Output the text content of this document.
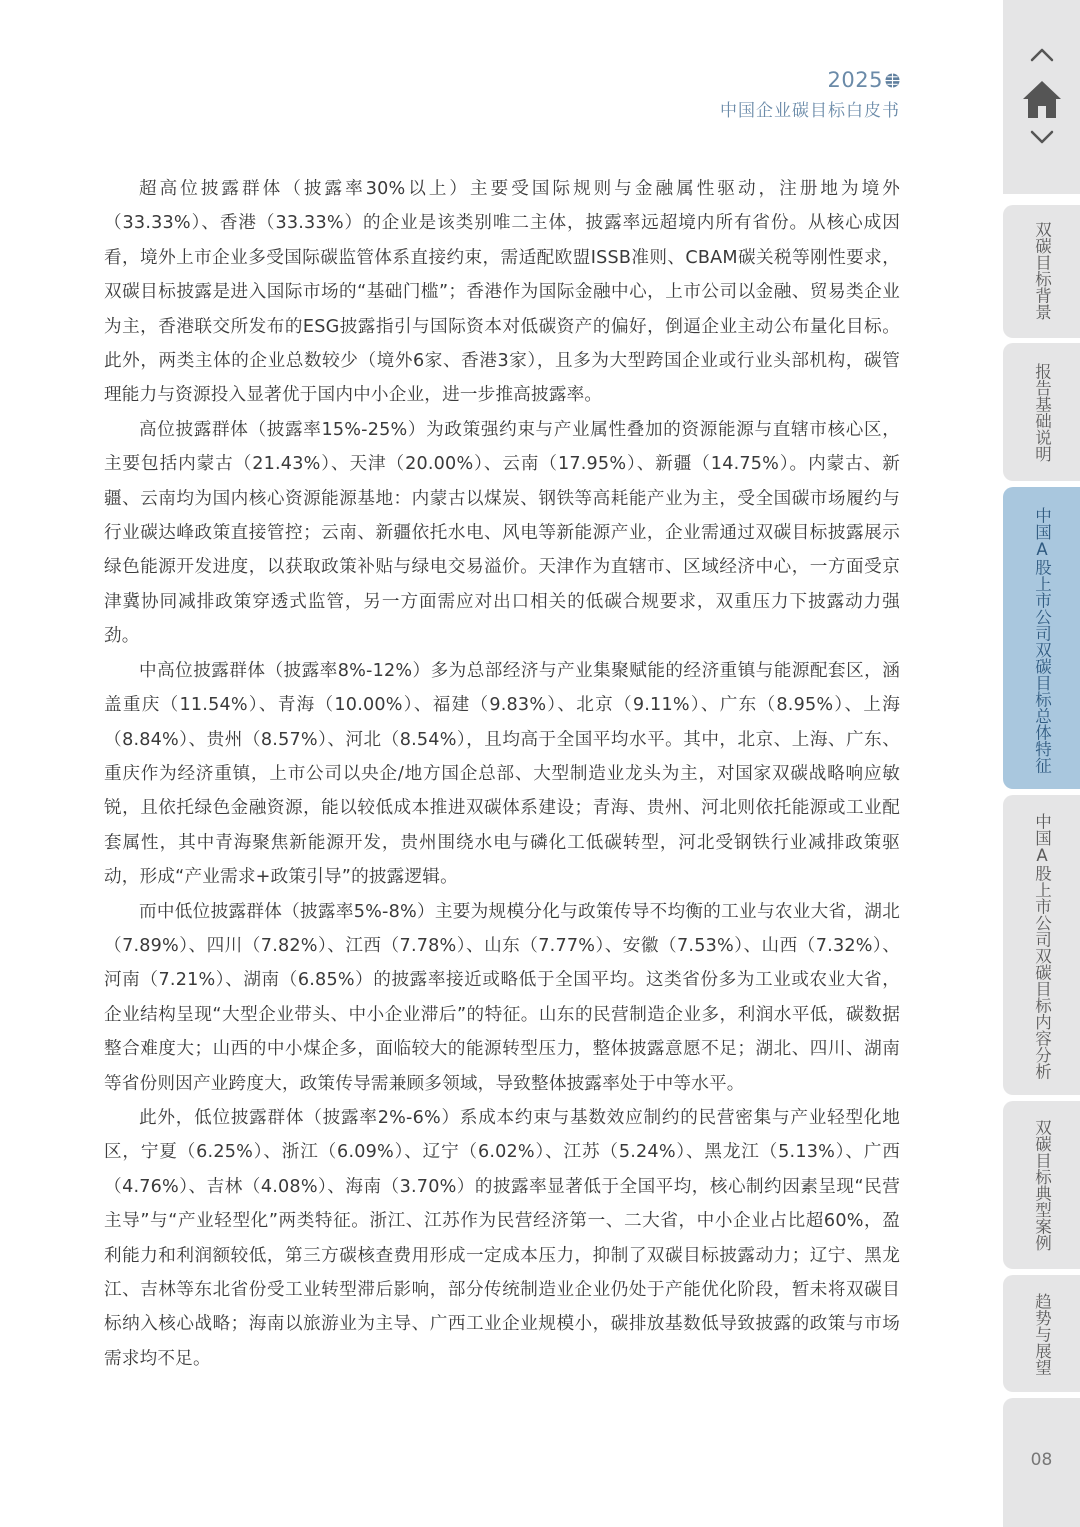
2025
中国企业碳目标白皮书

超高位披露群体（披露率30%以上）主要受国际规则与金融属性驱动，注册地为境外（33.33%）、香港（33.33%）的企业是该类别唯二主体，披露率远超境内所有省份。从核心成因看，境外上市企业多受国际碳监管体系直接约束，需适配欧盟ISSB准则、CBAM碳关税等刚性要求，双碳目标披露是进入国际市场的“基础门槛”；香港作为国际金融中心，上市公司以金融、贸易类企业为主，香港联交所发布的ESG披露指引与国际资本对低碳资产的偏好，倒逼企业主动公布量化目标。此外，两类主体的企业总数较少（境外6家、香港3家），且多为大型跨国企业或行业头部机构，碳管理能力与资源投入显著优于国内中小企业，进一步推高披露率。

高位披露群体（披露率15%-25%）为政策强约束与产业属性叠加的资源能源与直辖市核心区，主要包括内蒙古（21.43%）、天津（20.00%）、云南（17.95%）、新疆（14.75%）。内蒙古、新疆、云南均为国内核心资源能源基地：内蒙古以煤炭、钢铁等高耗能产业为主，受全国碳市场履约与行业碳达峰政策直接管控；云南、新疆依托水电、风电等新能源产业，企业需通过双碳目标披露展示绿色能源开发进度，以获取政策补贴与绿电交易溢价。天津作为直辖市、区域经济中心，一方面受京津冀协同减排政策穿透式监管，另一方面需应对出口相关的低碳合规要求，双重压力下披露动力强劲。

中高位披露群体（披露率8%-12%）多为总部经济与产业集聚赋能的经济重镇与能源配套区，涵盖重庆（11.54%）、青海（10.00%）、福建（9.83%）、北京（9.11%）、广东（8.95%）、上海（8.84%）、贵州（8.57%）、河北（8.54%），且均高于全国平均水平。其中，北京、上海、广东、重庆作为经济重镇，上市公司以央企/地方国企总部、大型制造业龙头为主，对国家双碳战略响应敏锐，且依托绿色金融资源，能以较低成本推进双碳体系建设；青海、贵州、河北则依托能源或工业配套属性，其中青海聚焦新能源开发，贵州围绕水电与磷化工低碳转型，河北受钢铁行业减排政策驱动，形成“产业需求+政策引导”的披露逻辑。

而中低位披露群体（披露率5%-8%）主要为规模分化与政策传导不均衡的工业与农业大省，湖北（7.89%）、四川（7.82%）、江西（7.78%）、山东（7.77%）、安徽（7.53%）、山西（7.32%）、河南（7.21%）、湖南（6.85%）的披露率接近或略低于全国平均。这类省份多为工业或农业大省，企业结构呈现“大型企业带头、中小企业滞后”的特征。山东的民营制造企业多，利润水平低，碳数据整合难度大；山西的中小煤企多，面临较大的能源转型压力，整体披露意愿不足；湖北、四川、湖南等省份则因产业跨度大，政策传导需兼顾多领域，导致整体披露率处于中等水平。

此外，低位披露群体（披露率2%-6%）系成本约束与基数效应制约的民营密集与产业轻型化地区，宁夏（6.25%）、浙江（6.09%）、辽宁（6.02%）、江苏（5.24%）、黑龙江（5.13%）、广西（4.76%）、吉林（4.08%）、海南（3.70%）的披露率显著低于全国平均，核心制约因素呈现“民营主导”与“产业轻型化”两类特征。浙江、江苏作为民营经济第一、二大省，中小企业占比超60%，盈利能力和利润额较低，第三方碳核查费用形成一定成本压力，抑制了双碳目标披露动力；辽宁、黑龙江、吉林等东北省份受工业转型滞后影响，部分传统制造业企业仍处于产能优化阶段，暂未将双碳目标纳入核心战略；海南以旅游业为主导、广西工业企业规模小，碳排放基数低导致披露的政策与市场需求均不足。

双碳目标背景
报告基础说明
中国A股上市公司双碳目标总体特征
中国A股上市公司双碳目标内容分析
双碳目标典型案例
趋势与展望
08
